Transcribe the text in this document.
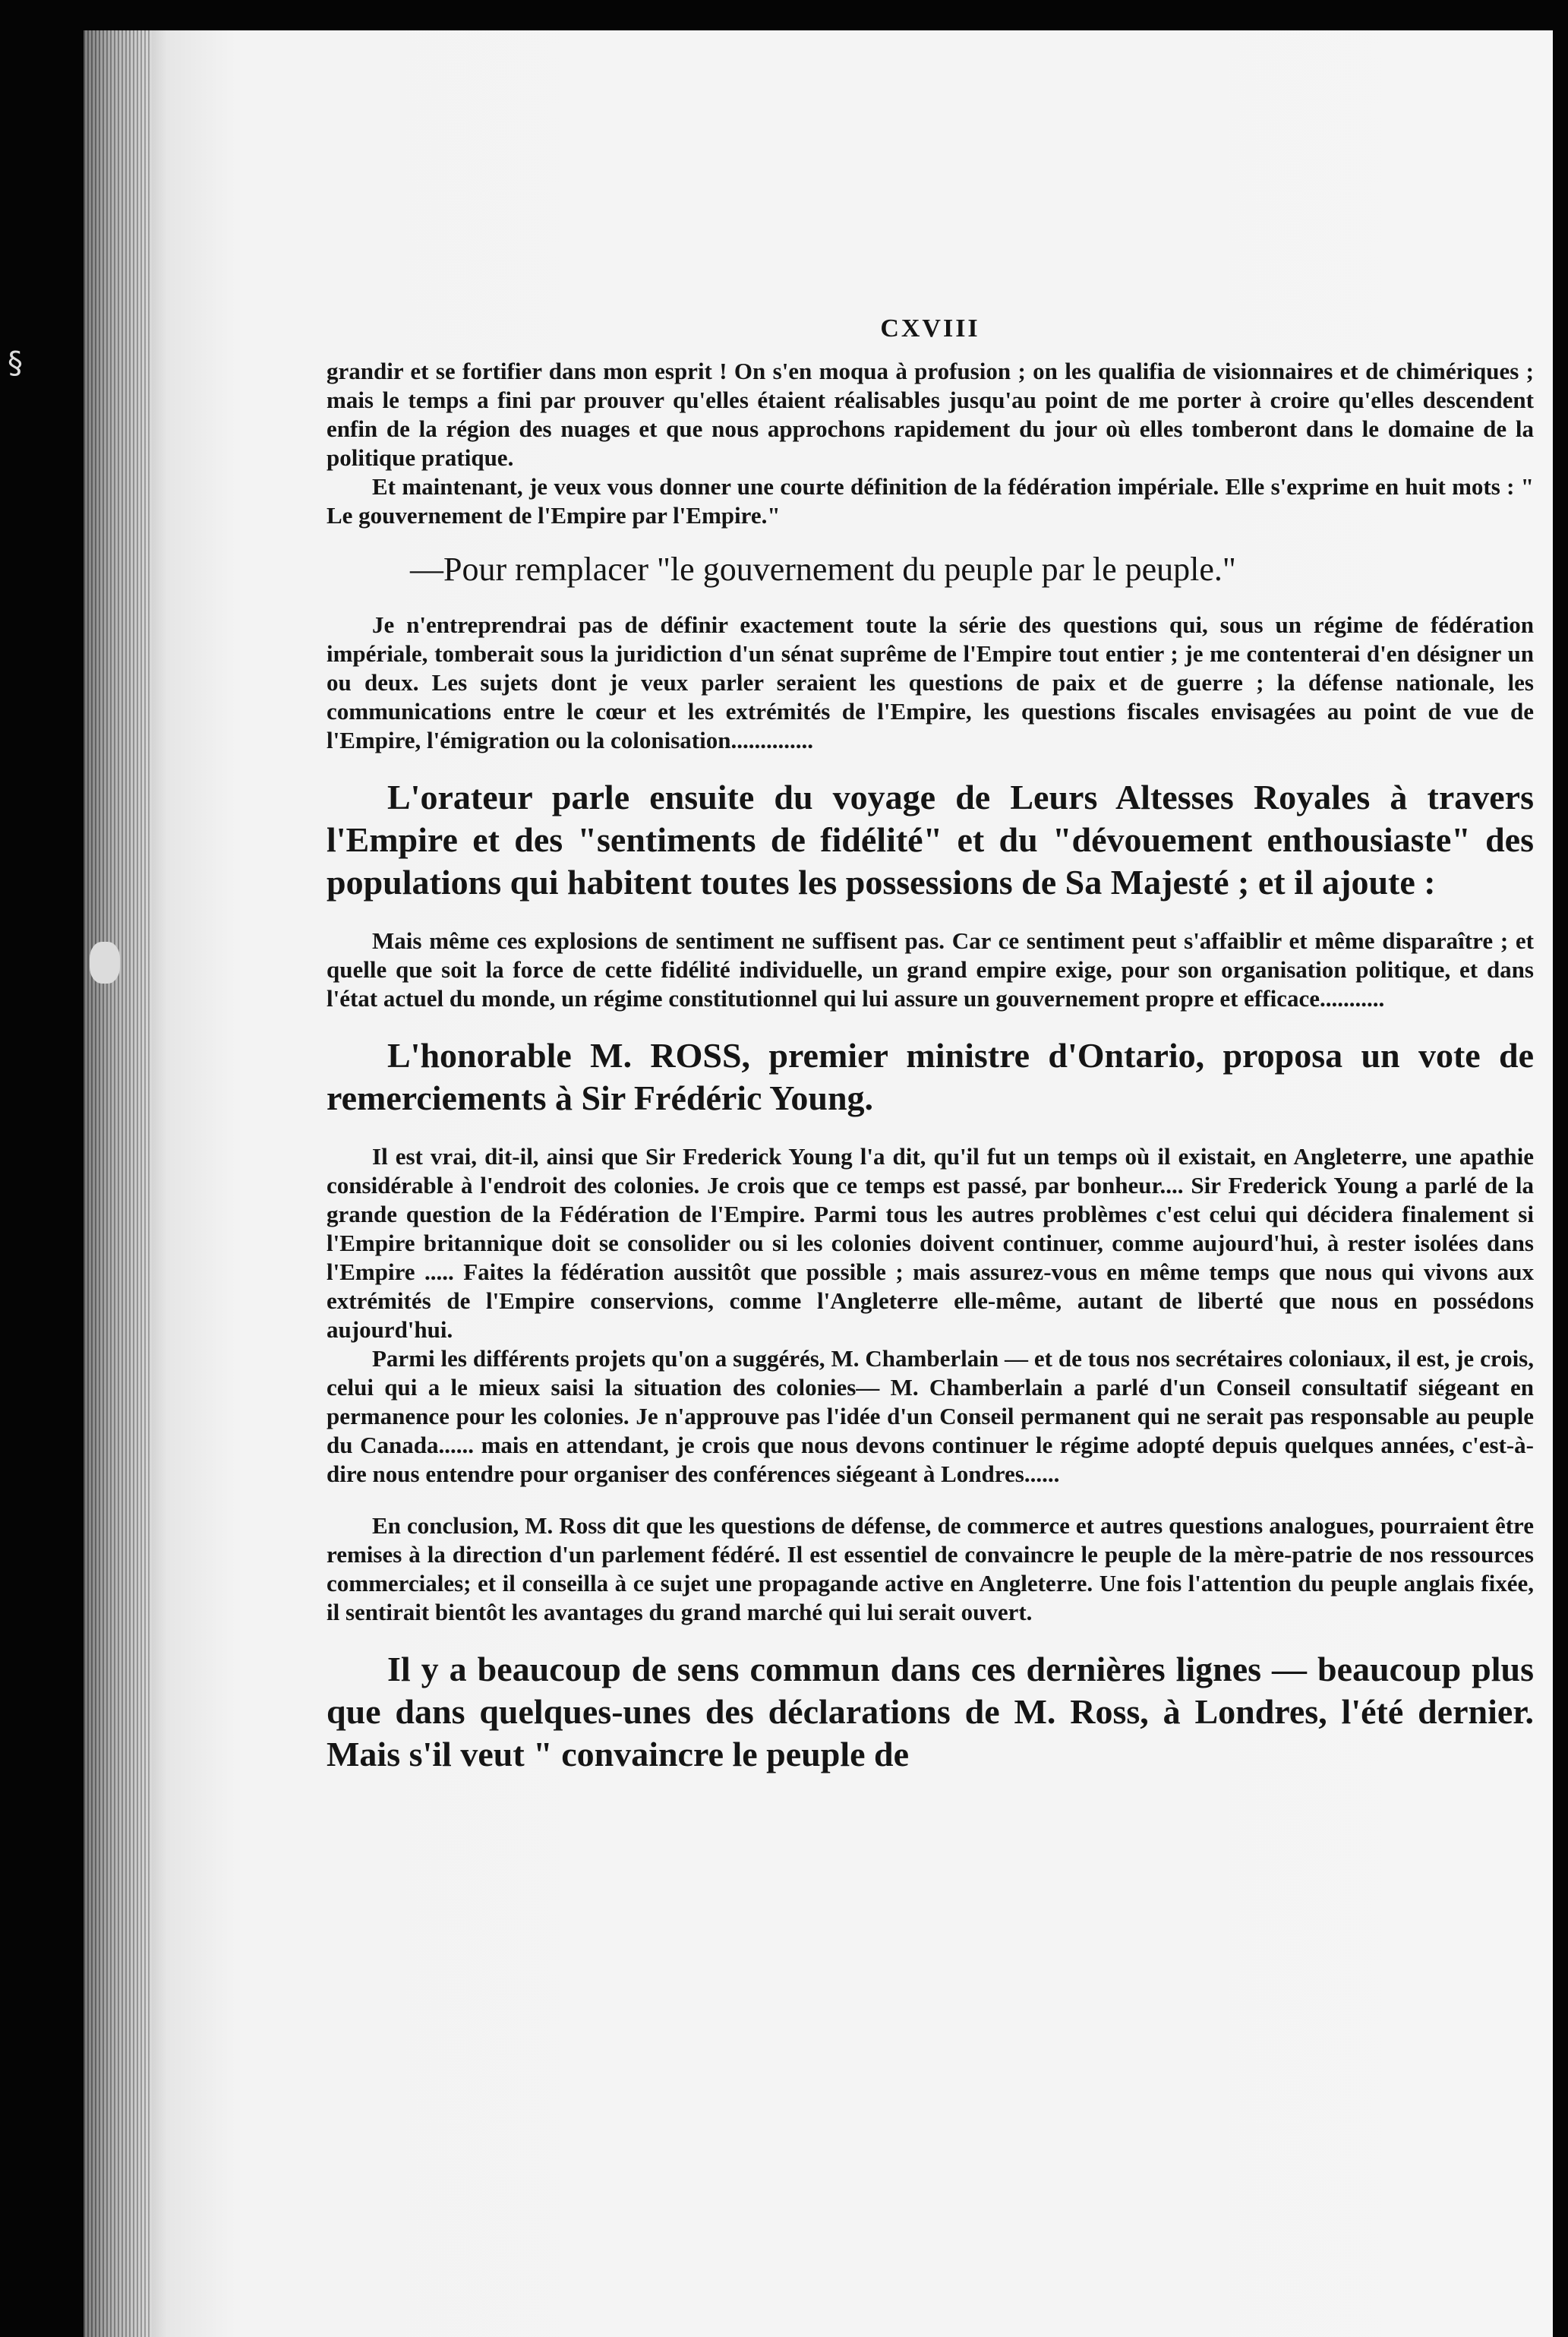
CXVIII

grandir et se fortifier dans mon esprit ! On s'en moqua à profusion ; on les qualifia de visionnaires et de chimériques ; mais le temps a fini par prouver qu'elles étaient réalisables jusqu'au point de me porter à croire qu'elles descendent enfin de la région des nuages et que nous approchons rapidement du jour où elles tomberont dans le domaine de la politique pratique.

Et maintenant, je veux vous donner une courte définition de la fédération impériale. Elle s'exprime en huit mots : " Le gouvernement de l'Empire par l'Empire."

—Pour remplacer "le gouvernement du peuple par le peuple."

Je n'entreprendrai pas de définir exactement toute la série des questions qui, sous un régime de fédération impériale, tomberait sous la juridiction d'un sénat suprême de l'Empire tout entier ; je me contenterai d'en désigner un ou deux. Les sujets dont je veux parler seraient les questions de paix et de guerre ; la défense nationale, les communications entre le cœur et les extrémités de l'Empire, les questions fiscales envisagées au point de vue de l'Empire, l'émigration ou la colonisation..............

L'orateur parle ensuite du voyage de Leurs Altesses Royales à travers l'Empire et des "sentiments de fidélité" et du "dévouement enthousiaste" des populations qui habitent toutes les possessions de Sa Majesté ; et il ajoute :

Mais même ces explosions de sentiment ne suffisent pas. Car ce sentiment peut s'affaiblir et même disparaître ; et quelle que soit la force de cette fidélité individuelle, un grand empire exige, pour son organisation politique, et dans l'état actuel du monde, un régime constitutionnel qui lui assure un gouvernement propre et efficace...........

L'honorable M. ROSS, premier ministre d'Ontario, proposa un vote de remerciements à Sir Frédéric Young.

Il est vrai, dit-il, ainsi que Sir Frederick Young l'a dit, qu'il fut un temps où il existait, en Angleterre, une apathie considérable à l'endroit des colonies. Je crois que ce temps est passé, par bonheur.... Sir Frederick Young a parlé de la grande question de la Fédération de l'Empire. Parmi tous les autres problèmes c'est celui qui décidera finalement si l'Empire britannique doit se consolider ou si les colonies doivent continuer, comme aujourd'hui, à rester isolées dans l'Empire ..... Faites la fédération aussitôt que possible ; mais assurez-vous en même temps que nous qui vivons aux extrémités de l'Empire conservions, comme l'Angleterre elle-même, autant de liberté que nous en possédons aujourd'hui.

Parmi les différents projets qu'on a suggérés, M. Chamberlain — et de tous nos secrétaires coloniaux, il est, je crois, celui qui a le mieux saisi la situation des colonies— M. Chamberlain a parlé d'un Conseil consultatif siégeant en permanence pour les colonies. Je n'approuve pas l'idée d'un Conseil permanent qui ne serait pas responsable au peuple du Canada...... mais en attendant, je crois que nous devons continuer le régime adopté depuis quelques années, c'est-à-dire nous entendre pour organiser des conférences siégeant à Londres......

En conclusion, M. Ross dit que les questions de défense, de commerce et autres questions analogues, pourraient être remises à la direction d'un parlement fédéré. Il est essentiel de convaincre le peuple de la mère-patrie de nos ressources commerciales; et il conseilla à ce sujet une propagande active en Angleterre. Une fois l'attention du peuple anglais fixée, il sentirait bientôt les avantages du grand marché qui lui serait ouvert.

Il y a beaucoup de sens commun dans ces dernières lignes — beaucoup plus que dans quelques-unes des déclarations de M. Ross, à Londres, l'été dernier. Mais s'il veut " convaincre le peuple de

§
